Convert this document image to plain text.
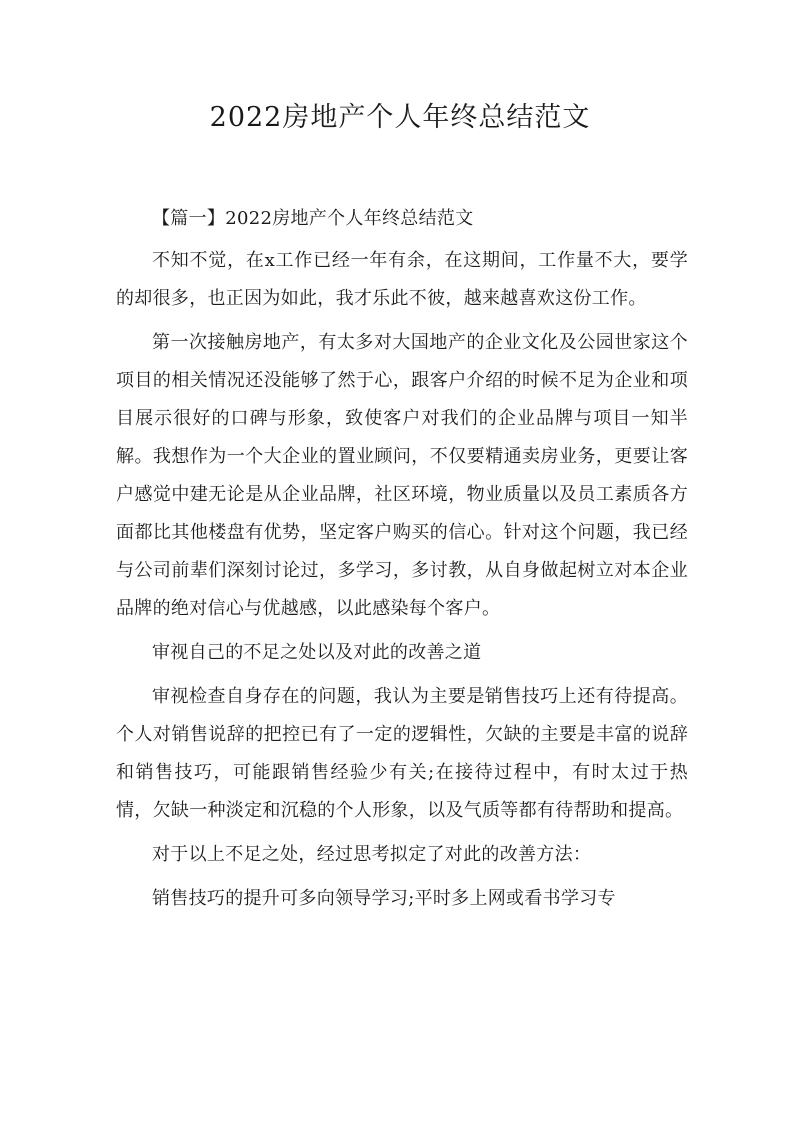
2022房地产个人年终总结范文

【篇一】2022房地产个人年终总结范文

不知不觉，在x工作已经一年有余，在这期间，工作量不大，要学的却很多，也正因为如此，我才乐此不彼，越来越喜欢这份工作。

第一次接触房地产，有太多对大国地产的企业文化及公园世家这个项目的相关情况还没能够了然于心，跟客户介绍的时候不足为企业和项目展示很好的口碑与形象，致使客户对我们的企业品牌与项目一知半解。我想作为一个大企业的置业顾问，不仅要精通卖房业务，更要让客户感觉中建无论是从企业品牌，社区环境，物业质量以及员工素质各方面都比其他楼盘有优势，坚定客户购买的信心。针对这个问题，我已经与公司前辈们深刻讨论过，多学习，多讨教，从自身做起树立对本企业品牌的绝对信心与优越感，以此感染每个客户。

审视自己的不足之处以及对此的改善之道

审视检查自身存在的问题，我认为主要是销售技巧上还有待提高。个人对销售说辞的把控已有了一定的逻辑性，欠缺的主要是丰富的说辞和销售技巧，可能跟销售经验少有关;在接待过程中，有时太过于热情，欠缺一种淡定和沉稳的个人形象，以及气质等都有待帮助和提高。

对于以上不足之处，经过思考拟定了对此的改善方法：

销售技巧的提升可多向领导学习;平时多上网或看书学习专
